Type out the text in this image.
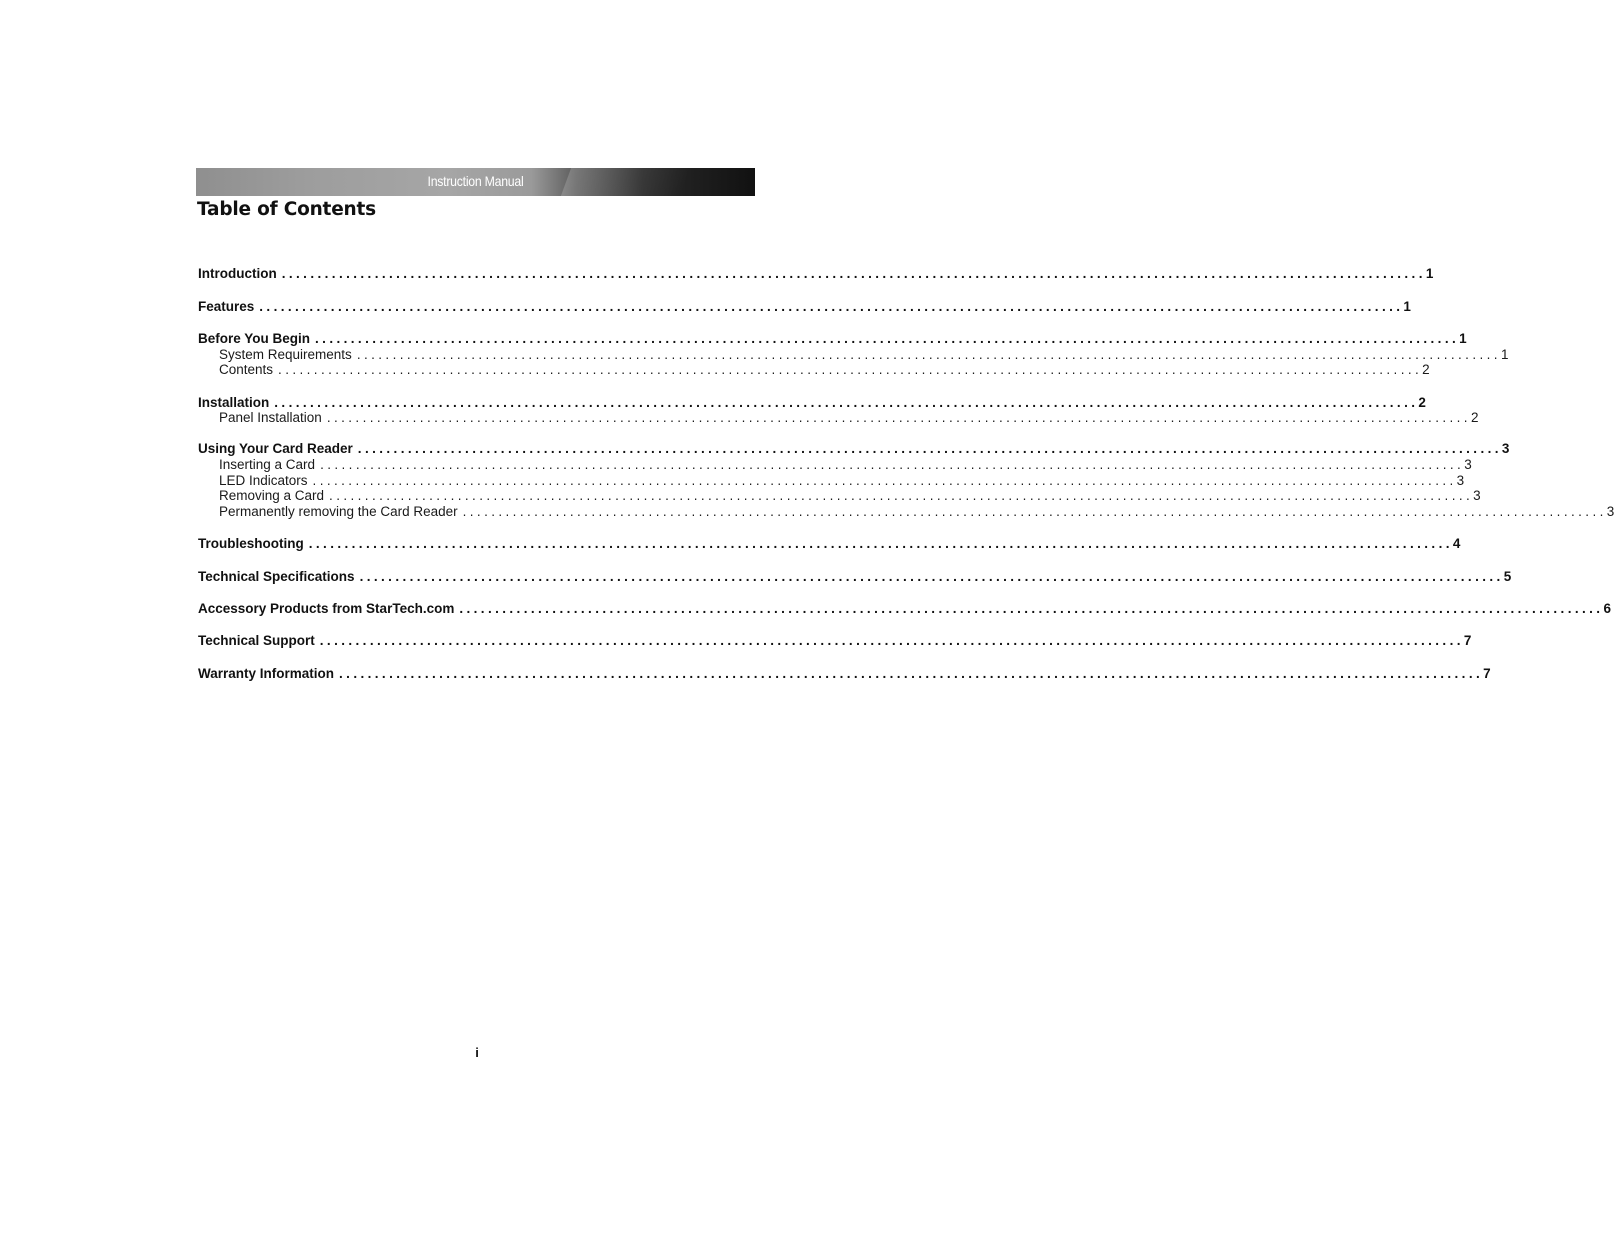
Instruction Manual
Table of Contents
Introduction ................................................................................................................................................................ 1
Features ................................................................................................................................................................ 1
Before You Begin ................................................................................................................................................................ 1
System Requirements ................................................................................................................................................................ 1
Contents ................................................................................................................................................................ 2
Installation ................................................................................................................................................................ 2
Panel Installation ................................................................................................................................................................ 2
Using Your Card Reader ................................................................................................................................................................ 3
Inserting a Card ................................................................................................................................................................ 3
LED Indicators ................................................................................................................................................................ 3
Removing a Card ................................................................................................................................................................ 3
Permanently removing the Card Reader ................................................................................................................................................................ 3
Troubleshooting ................................................................................................................................................................ 4
Technical Specifications ................................................................................................................................................................ 5
Accessory Products from StarTech.com ................................................................................................................................................................ 6
Technical Support ................................................................................................................................................................ 7
Warranty Information ................................................................................................................................................................ 7
i
